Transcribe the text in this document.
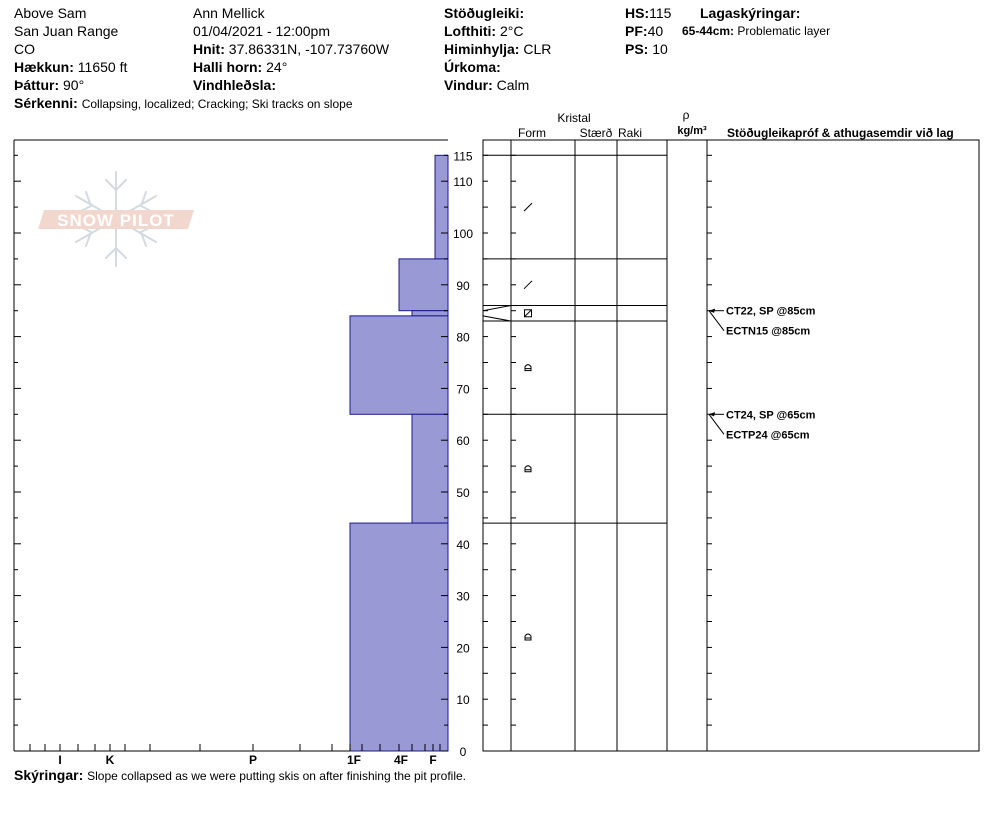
Above Sam
San Juan Range
CO
Hækkun: 11650 ft
Þáttur: 90°
Sérkenni: Collapsing, localized; Cracking; Ski tracks on slope
Ann Mellick
01/04/2021 - 12:00pm
Hnit: 37.86331N, -107.73760W
Halli horn: 24°
Vindhleðsla:
Stöðugleiki:
Lofthiti: 2°C
Himinhylja: CLR
Úrkoma:
Vindur: Calm
HS:115
PF:40
PS: 10
Lagaskýringar:
65-44cm: Problematic layer
Skýringar: Slope collapsed as we were putting skis on after finishing the pit profile.
SNOW PILOT
I	K	P	1F	4F F
0
10
20
30
40
50
60
70
80
90
100
110
115
Kristal
Form	Stærð Raki
ρ
kg/m³ Stöðugleikapróf & athugasemdir við lag
CT24, SP @65cm
ECTP24 @65cm
CT22, SP @85cm
ECTN15 @85cm
